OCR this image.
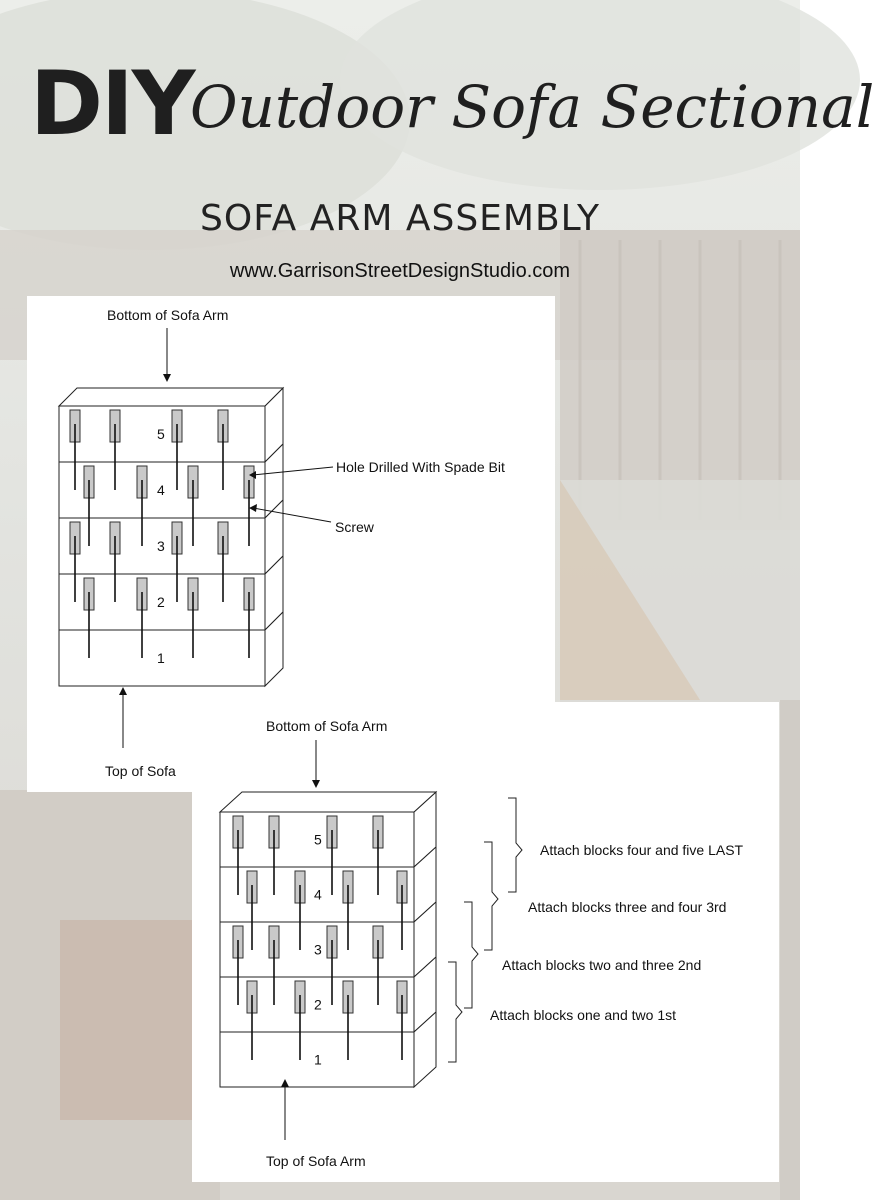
DIY
Outdoor Sofa Sectional
SOFA ARM ASSEMBLY
www.GarrisonStreetDesignStudio.com
5
4
3
2
1
Bottom of Sofa Arm
Top of Sofa
Hole Drilled With Spade Bit
Screw
5
4
3
2
1
Bottom of Sofa Arm
Top of Sofa Arm
Attach blocks four and five LAST
Attach blocks three and four 3rd
Attach blocks two and three 2nd
Attach blocks one and two 1st
